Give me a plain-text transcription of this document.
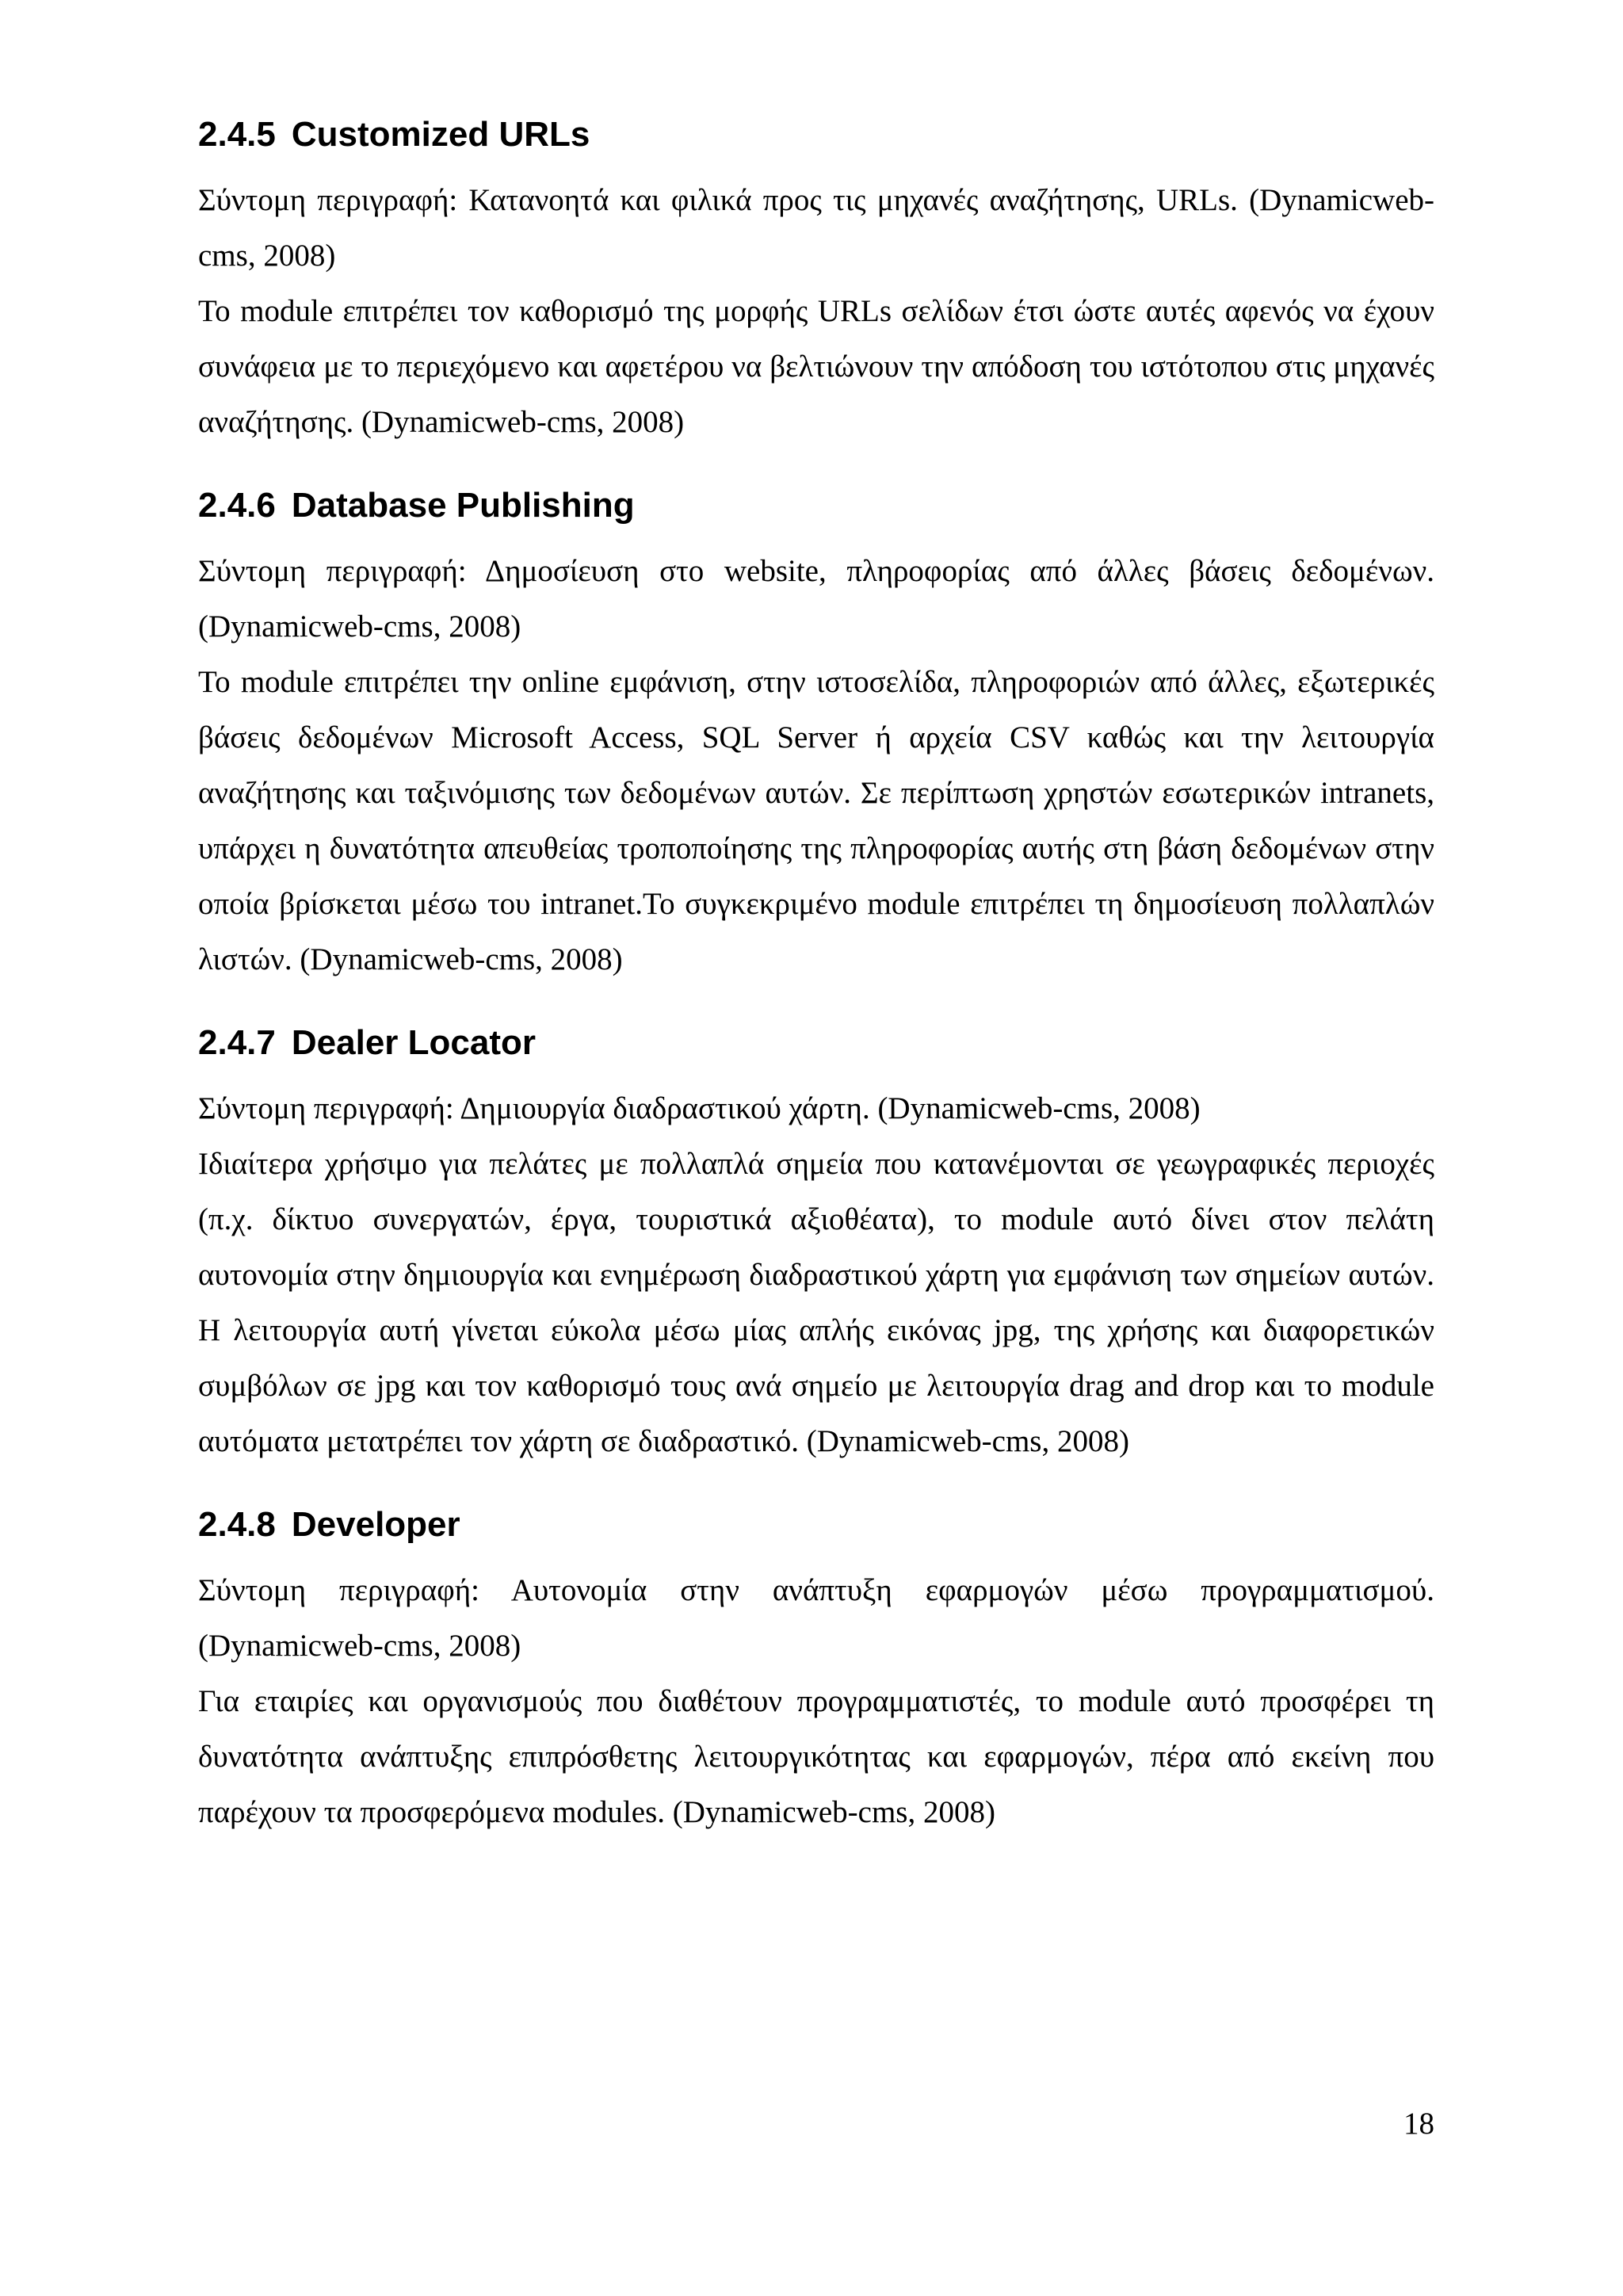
2.4.5 Customized URLs

Σύντομη περιγραφή: Κατανοητά και φιλικά προς τις μηχανές αναζήτησης, URLs. (Dynamicweb-cms, 2008)

Το module επιτρέπει τον καθορισμό της μορφής URLs σελίδων έτσι ώστε αυτές αφενός να έχουν συνάφεια με το περιεχόμενο και αφετέρου να βελτιώνουν την απόδοση του ιστότοπου στις μηχανές αναζήτησης. (Dynamicweb-cms, 2008)

2.4.6 Database Publishing

Σύντομη περιγραφή: Δημοσίευση στο website, πληροφορίας από άλλες βάσεις δεδομένων. (Dynamicweb-cms, 2008)

Το module επιτρέπει την online εμφάνιση, στην ιστοσελίδα, πληροφοριών από άλλες, εξωτερικές βάσεις δεδομένων Microsoft Access, SQL Server ή αρχεία CSV καθώς και την λειτουργία αναζήτησης και ταξινόμισης των δεδομένων αυτών. Σε περίπτωση χρηστών εσωτερικών intranets, υπάρχει η δυνατότητα απευθείας τροποποίησης της πληροφορίας αυτής στη βάση δεδομένων στην οποία βρίσκεται μέσω του intranet.Το συγκεκριμένο module επιτρέπει τη δημοσίευση πολλαπλών λιστών. (Dynamicweb-cms, 2008)

2.4.7 Dealer Locator

Σύντομη περιγραφή: Δημιουργία διαδραστικού χάρτη. (Dynamicweb-cms, 2008)

Ιδιαίτερα χρήσιμο για πελάτες με πολλαπλά σημεία που κατανέμονται σε γεωγραφικές περιοχές (π.χ. δίκτυο συνεργατών, έργα, τουριστικά αξιοθέατα), το module αυτό δίνει στον πελάτη αυτονομία στην δημιουργία και ενημέρωση διαδραστικού χάρτη για εμφάνιση των σημείων αυτών. Η λειτουργία αυτή γίνεται εύκολα μέσω μίας απλής εικόνας jpg, της χρήσης και διαφορετικών συμβόλων σε jpg και τον καθορισμό τους ανά σημείο με λειτουργία drag and drop και το module αυτόματα μετατρέπει τον χάρτη σε διαδραστικό. (Dynamicweb-cms, 2008)

2.4.8 Developer

Σύντομη περιγραφή: Αυτονομία στην ανάπτυξη εφαρμογών μέσω προγραμματισμού. (Dynamicweb-cms, 2008)

Για εταιρίες και οργανισμούς που διαθέτουν προγραμματιστές, το module αυτό προσφέρει τη δυνατότητα ανάπτυξης επιπρόσθετης λειτουργικότητας και εφαρμογών, πέρα από εκείνη που παρέχουν τα προσφερόμενα modules. (Dynamicweb-cms, 2008)

18
